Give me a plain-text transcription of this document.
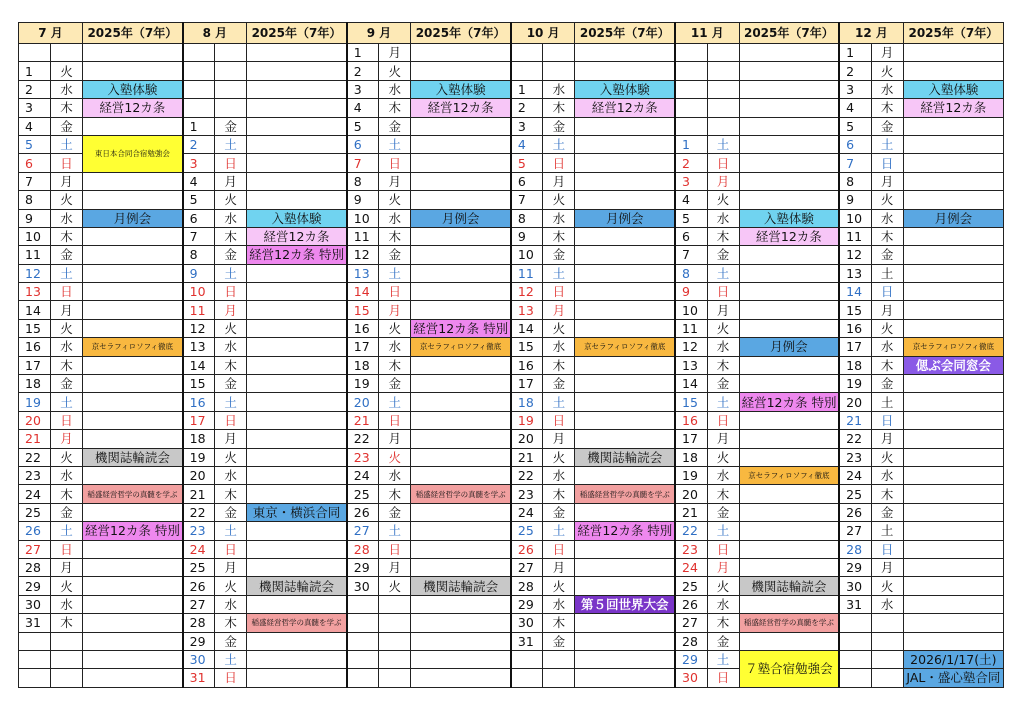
7 月		2025年（7年）	8 月		2025年（7年）	9 月		2025年（7年）	10 月		2025年（7年）	11 月		2025年（7年）	12 月		2025年（7年）
						1	月								1	月	
1	火					2	火								2	火	
2	水	入塾体験				3	水	入塾体験	1	水	入塾体験				3	水	入塾体験
3	木	経営12カ条				4	木	経営12カ条	2	木	経営12カ条				4	木	経営12カ条
4	金		1	金		5	金		3	金					5	金	
5	土	東日本合同合宿勉強会	2	土		6	土		4	土		1	土		6	土	
6	日		3	日		7	日		5	日		2	日		7	日	
7	月		4	月		8	月		6	月		3	月		8	月	
8	火		5	火		9	火		7	火		4	火		9	火	
9	水	月例会	6	水	入塾体験	10	水	月例会	8	水	月例会	5	水	入塾体験	10	水	月例会
10	木		7	木	経営12カ条	11	木		9	木		6	木	経営12カ条	11	木	
11	金		8	金	経営12カ条 特別	12	金		10	金		7	金		12	金	
12	土		9	土		13	土		11	土		8	土		13	土	
13	日		10	日		14	日		12	日		9	日		14	日	
14	月		11	月		15	月		13	月		10	月		15	月	
15	火		12	火		16	火	経営12カ条 特別	14	火		11	火		16	火	
16	水	京セラフィロソフィ徹底	13	水		17	水	京セラフィロソフィ徹底	15	水	京セラフィロソフィ徹底	12	水	月例会	17	水	京セラフィロソフィ徹底
17	木		14	木		18	木		16	木		13	木		18	木	偲ぶ会同窓会
18	金		15	金		19	金		17	金		14	金		19	金	
19	土		16	土		20	土		18	土		15	土	経営12カ条 特別	20	土	
20	日		17	日		21	日		19	日		16	日		21	日	
21	月		18	月		22	月		20	月		17	月		22	月	
22	火	機関誌輪読会	19	火		23	火		21	火	機関誌輪読会	18	火		23	火	
23	水		20	水		24	水		22	水		19	水	京セラフィロソフィ徹底	24	水	
24	木	稲盛経営哲学の真髄を学ぶ	21	木		25	木	稲盛経営哲学の真髄を学ぶ	23	木	稲盛経営哲学の真髄を学ぶ	20	木		25	木	
25	金		22	金	東京・横浜合同	26	金		24	金		21	金		26	金	
26	土	経営12カ条 特別	23	土		27	土		25	土	経営12カ条 特別	22	土		27	土	
27	日		24	日		28	日		26	日		23	日		28	日	
28	月		25	月		29	月		27	月		24	月		29	月	
29	火		26	火	機関誌輪読会	30	火	機関誌輪読会	28	火		25	火	機関誌輪読会	30	火	
30	水		27	水					29	水	第５回世界大会	26	水		31	水	
31	木		28	木	稲盛経営哲学の真髄を学ぶ				30	木		27	木	稲盛経営哲学の真髄を学ぶ			
			29	金					31	金		28	金				
			30	土								29	土	７塾合宿勉強会			2026/1/17(土)
			31	日								30	日				JAL・盛心塾合同
